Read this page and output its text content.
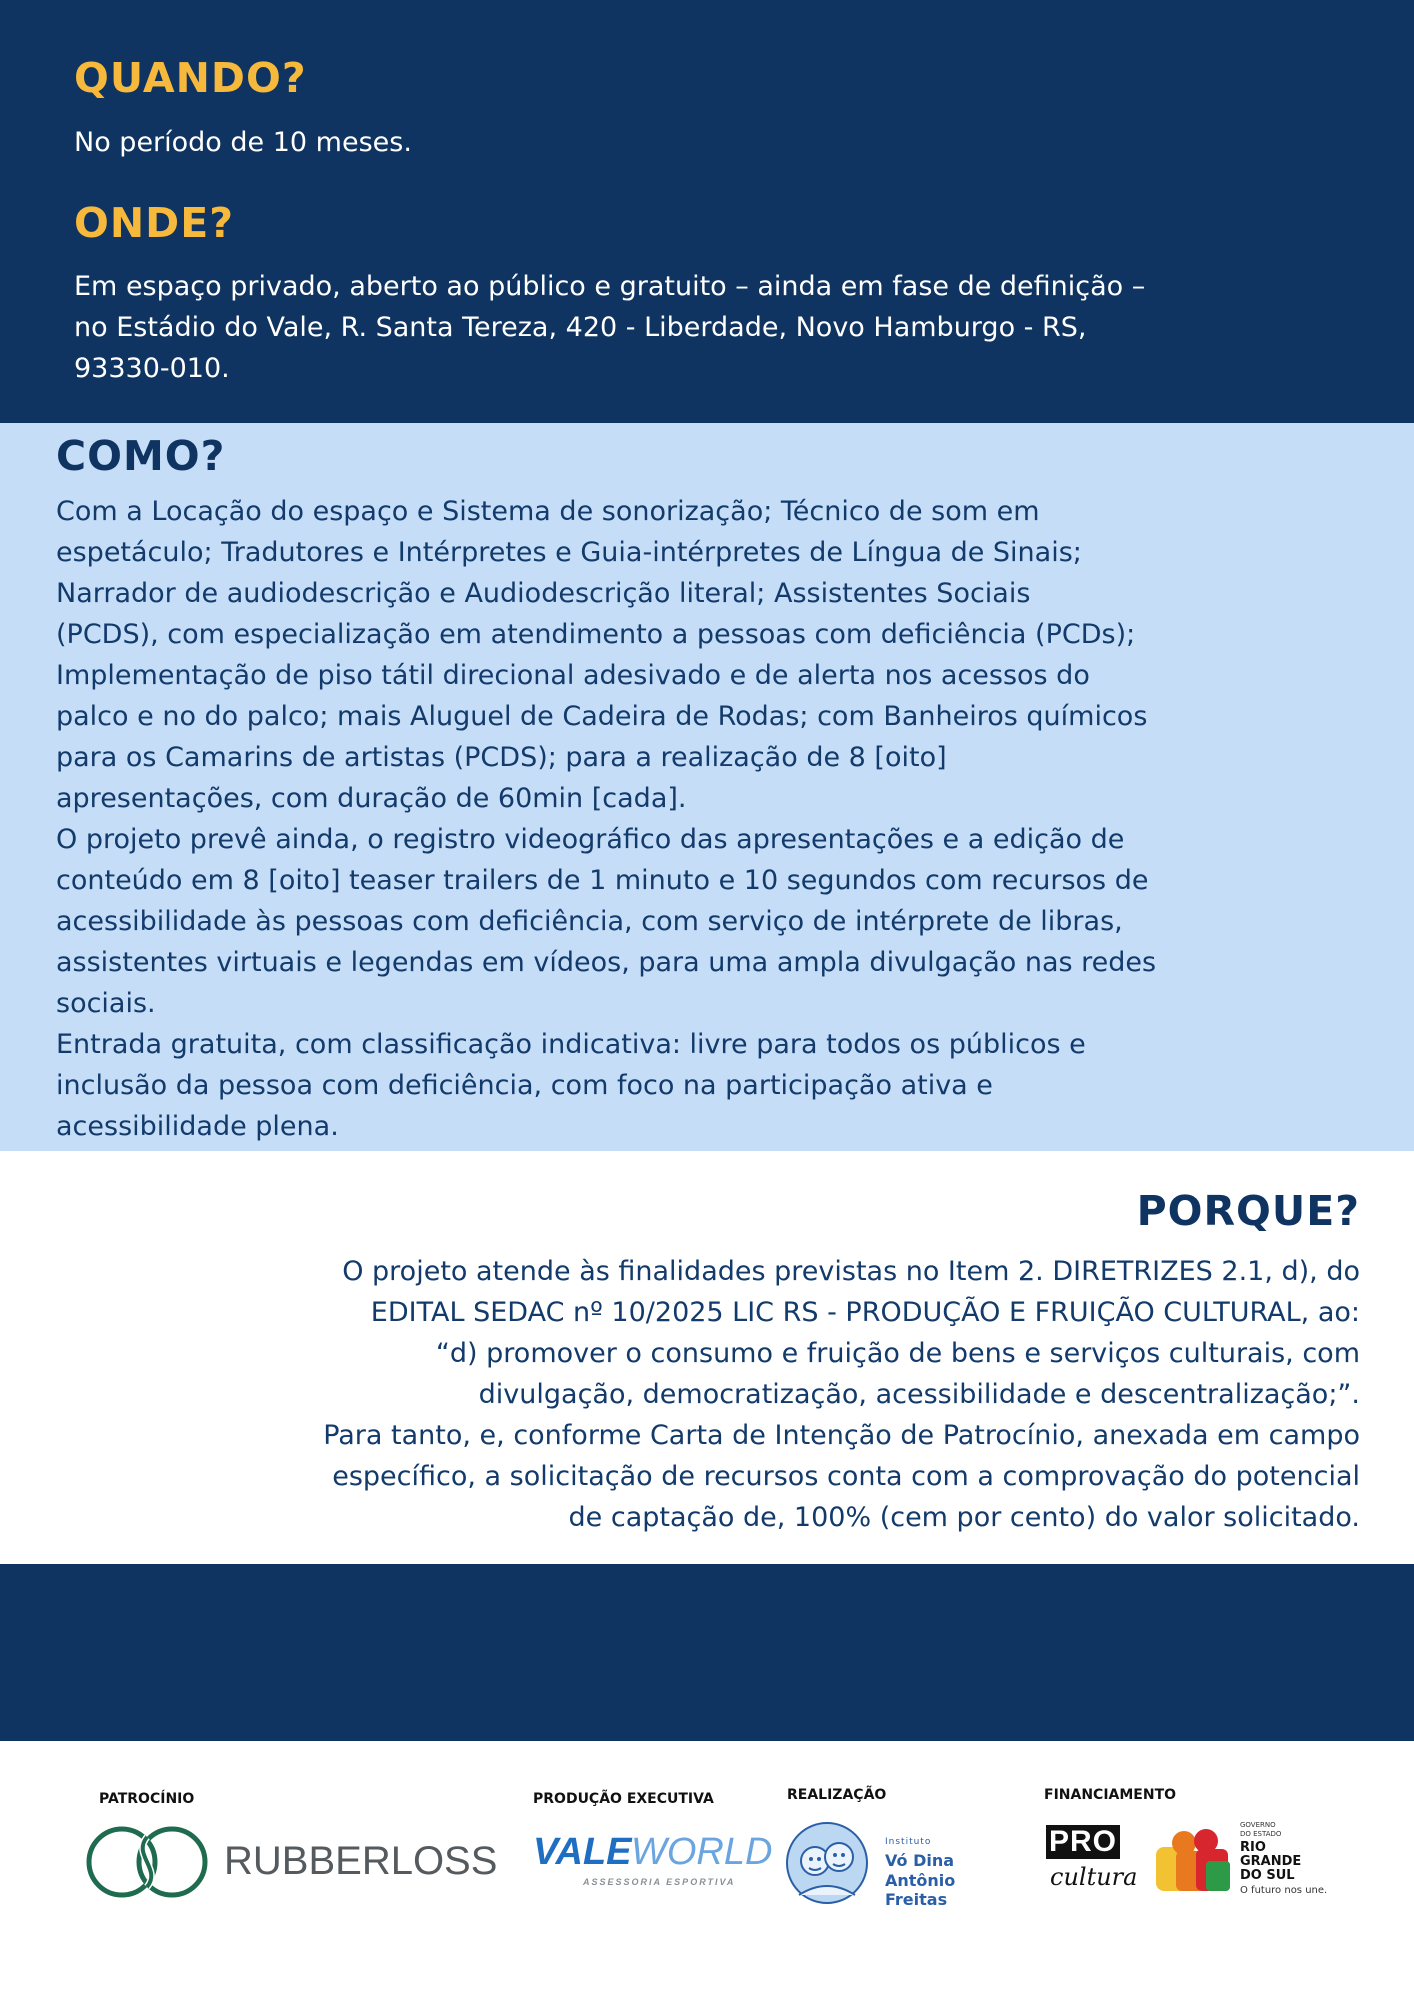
QUANDO?

No período de 10 meses.

ONDE?
Em espaço privado, aberto ao público e gratuito – ainda em fase de definição –
no Estádio do Vale, R. Santa Tereza, 420 - Liberdade, Novo Hamburgo - RS,
93330-010.
COMO?
Com a Locação do espaço e Sistema de sonorização; Técnico de som em
espetáculo; Tradutores e Intérpretes e Guia-intérpretes de Língua de Sinais;
Narrador de audiodescrição e Audiodescrição literal; Assistentes Sociais
(PCDS), com especialização em atendimento a pessoas com deficiência (PCDs);
Implementação de piso tátil direcional adesivado e de alerta nos acessos do
palco e no do palco; mais Aluguel de Cadeira de Rodas; com Banheiros químicos
para os Camarins de artistas (PCDS); para a realização de 8 [oito]
apresentações, com duração de 60min [cada].
O projeto prevê ainda, o registro videográfico das apresentações e a edição de
conteúdo em 8 [oito] teaser trailers de 1 minuto e 10 segundos com recursos de
acessibilidade às pessoas com deficiência, com serviço de intérprete de libras,
assistentes virtuais e legendas em vídeos, para uma ampla divulgação nas redes
sociais.
Entrada gratuita, com classificação indicativa: livre para todos os públicos e
inclusão da pessoa com deficiência, com foco na participação ativa e
acessibilidade plena.
PORQUE?
O projeto atende às finalidades previstas no Item 2. DIRETRIZES 2.1, d), do
EDITAL SEDAC nº 10/2025 LIC RS - PRODUÇÃO E FRUIÇÃO CULTURAL, ao:
“d) promover o consumo e fruição de bens e serviços culturais, com
divulgação, democratização, acessibilidade e descentralização;”.
Para tanto, e, conforme Carta de Intenção de Patrocínio, anexada em campo
específico, a solicitação de recursos conta com a comprovação do potencial
de captação de, 100% (cem por cento) do valor solicitado.

PATROCÍNIO	PRODUÇÃO EXECUTIVA	REALIZAÇÃO	FINANCIAMENTO

RUBBERLOSS VALE WORLD
ASSESSORIA ESPORTIVA
Instituto
Vó Dina
Antônio Freitas
PRO
cultura
GOVERNO
DO ESTADO
RIO
GRANDE
DO SUL
O futuro nos une.
